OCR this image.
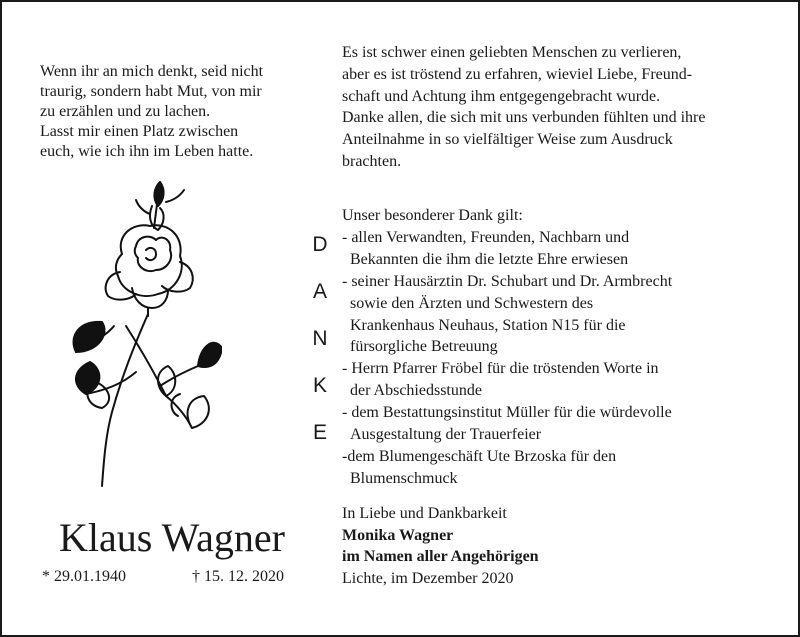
Wenn ihr an mich denkt, seid nicht
traurig, sondern habt Mut, von mir
zu erzählen und zu lachen.
Lasst mir einen Platz zwischen
euch, wie ich ihn im Leben hatte.
Es ist schwer einen geliebten Menschen zu verlieren,
aber es ist tröstend zu erfahren, wieviel Liebe, Freund-
schaft und Achtung ihm entgegengebracht wurde.
Danke allen, die sich mit uns verbunden fühlten und ihre
Anteilnahme in so vielfältiger Weise zum Ausdruck
brachten.
D
A
N
K
E
Unser besonderer Dank gilt:
- allen Verwandten, Freunden, Nachbarn und
Bekannten die ihm die letzte Ehre erwiesen
- seiner Hausärztin Dr. Schubart und Dr. Armbrecht
sowie den Ärzten und Schwestern des
Krankenhaus Neuhaus, Station N15 für die
fürsorgliche Betreuung
- Herrn Pfarrer Fröbel für die tröstenden Worte in
der Abschiedsstunde
- dem Bestattungsinstitut Müller für die würdevolle
Ausgestaltung der Trauerfeier
-dem Blumengeschäft Ute Brzoska für den
Blumenschmuck
Klaus Wagner
* 29.01.1940	† 15. 12. 2020
In Liebe und Dankbarkeit
Monika Wagner
im Namen aller Angehörigen
Lichte, im Dezember 2020
